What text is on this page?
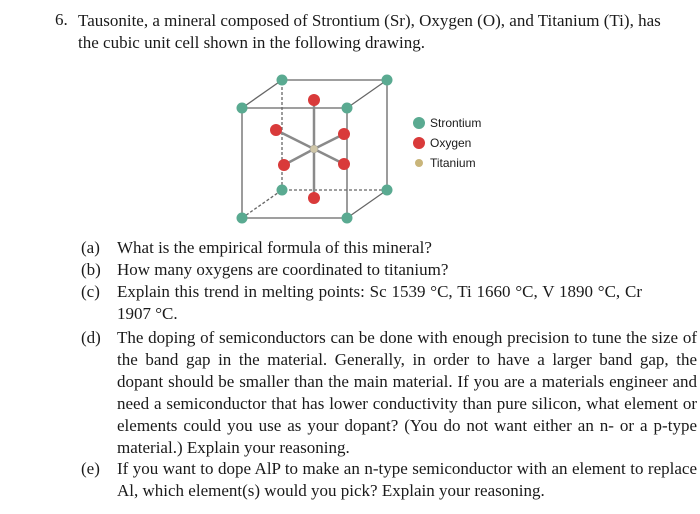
6. Tausonite, a mineral composed of Strontium (Sr), Oxygen (O), and Titanium (Ti), has the cubic unit cell shown in the following drawing.
Strontium
Oxygen
Titanium
(a)	What is the empirical formula of this mineral?
(b) How many oxygens are coordinated to titanium?
(c)	Explain this trend in melting points: Sc 1539 °C, Ti 1660 °C, V 1890 °C, Cr 1907 °C.
(d) The doping of semiconductors can be done with enough precision to tune the size of the band gap in the material. Generally, in order to have a larger band gap, the dopant should be smaller than the main material. If you are a materials engineer and need a semiconductor that has lower conductivity than pure silicon, what element or elements could you use as your dopant? (You do not want either an n- or a p-type material.) Explain your reasoning.
(e)	If you want to dope AlP to make an n-type semiconductor with an element to replace Al, which element(s) would you pick? Explain your reasoning.
